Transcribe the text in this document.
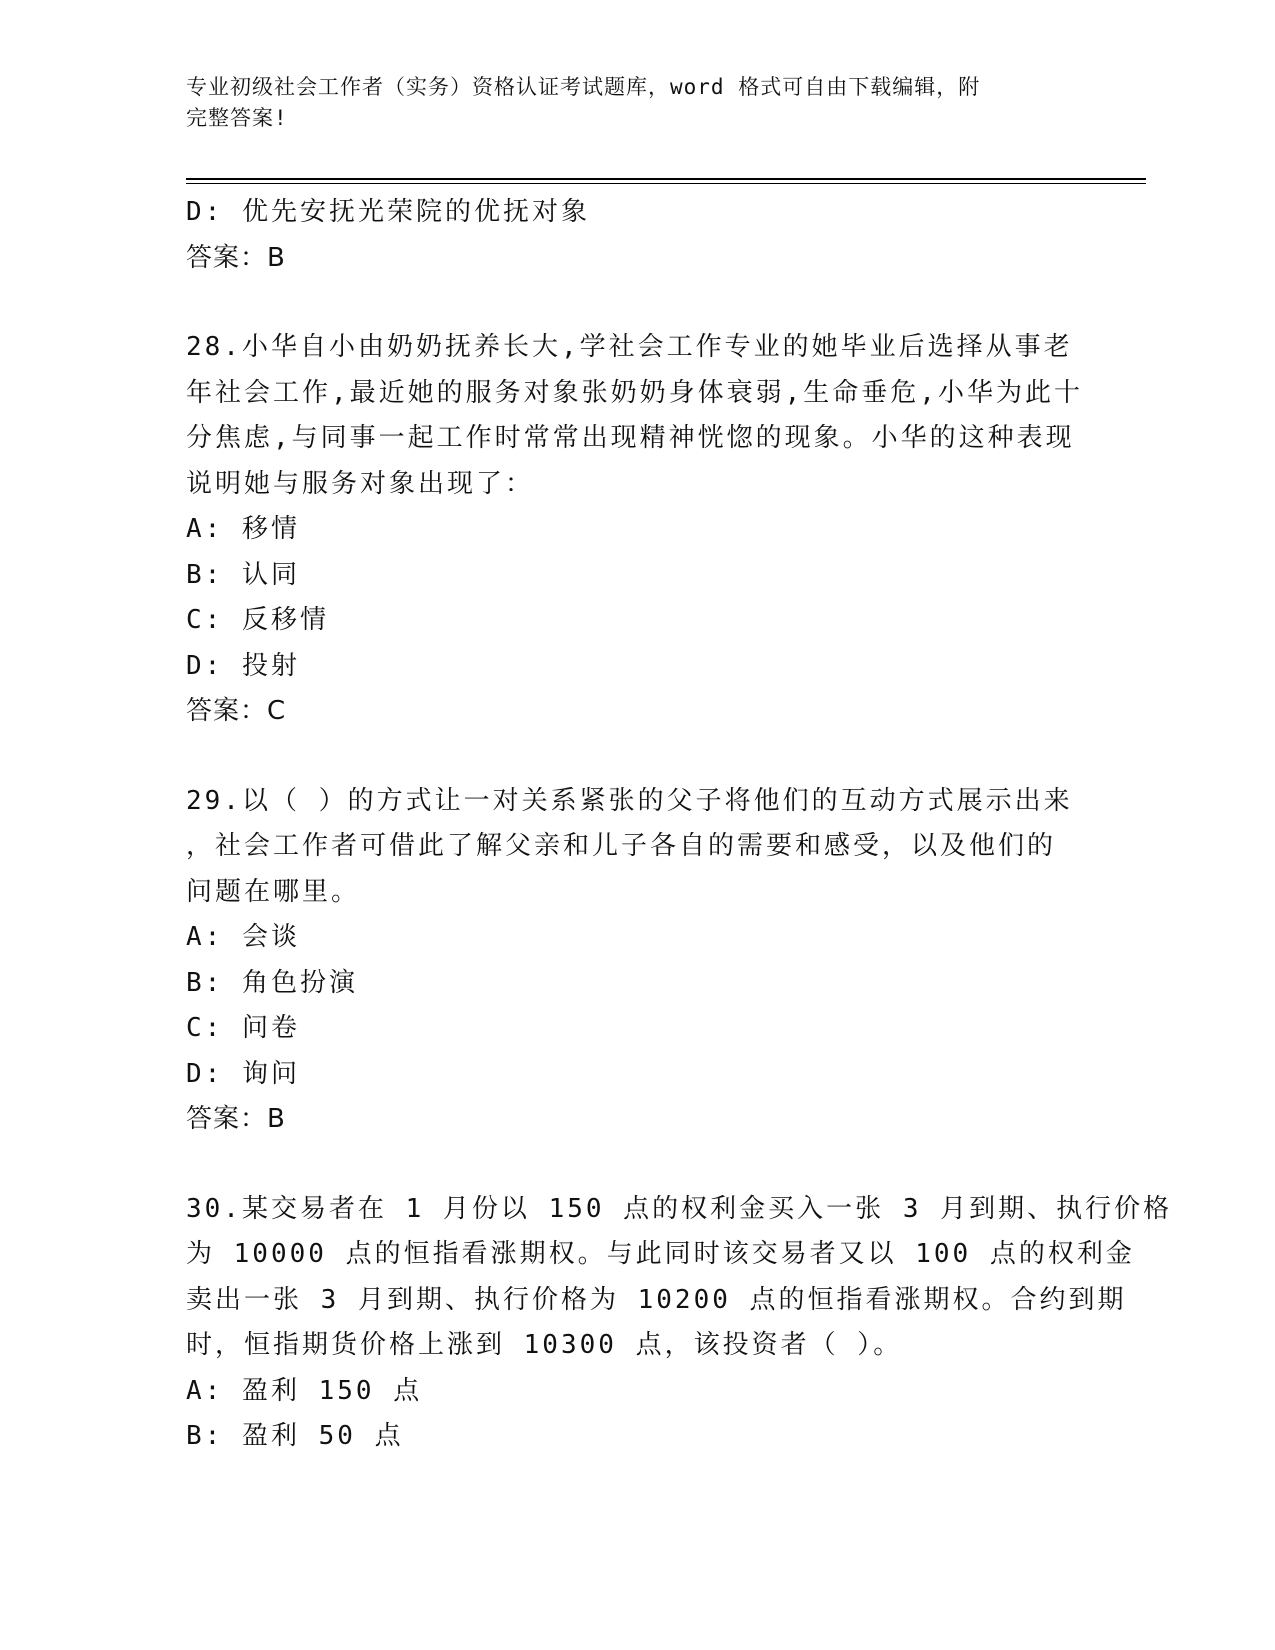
专业初级社会工作者（实务）资格认证考试题库，word 格式可自由下载编辑，附
完整答案!
D: 优先安抚光荣院的优抚对象
答案：B
28.小华自小由奶奶抚养长大,学社会工作专业的她毕业后选择从事老
年社会工作,最近她的服务对象张奶奶身体衰弱,生命垂危,小华为此十
分焦虑,与同事一起工作时常常出现精神恍惚的现象。小华的这种表现
说明她与服务对象出现了：
A: 移情
B: 认同
C: 反移情
D: 投射
答案：C
29.以（ ）的方式让一对关系紧张的父子将他们的互动方式展示出来
，社会工作者可借此了解父亲和儿子各自的需要和感受，以及他们的
问题在哪里。
A: 会谈
B: 角色扮演
C: 问卷
D: 询问
答案：B
30.某交易者在 1 月份以 150 点的权利金买入一张 3 月到期、执行价格
为 10000 点的恒指看涨期权。与此同时该交易者又以 100 点的权利金
卖出一张 3 月到期、执行价格为 10200 点的恒指看涨期权。合约到期
时，恒指期货价格上涨到 10300 点，该投资者（ ）。
A: 盈利 150 点
B: 盈利 50 点
